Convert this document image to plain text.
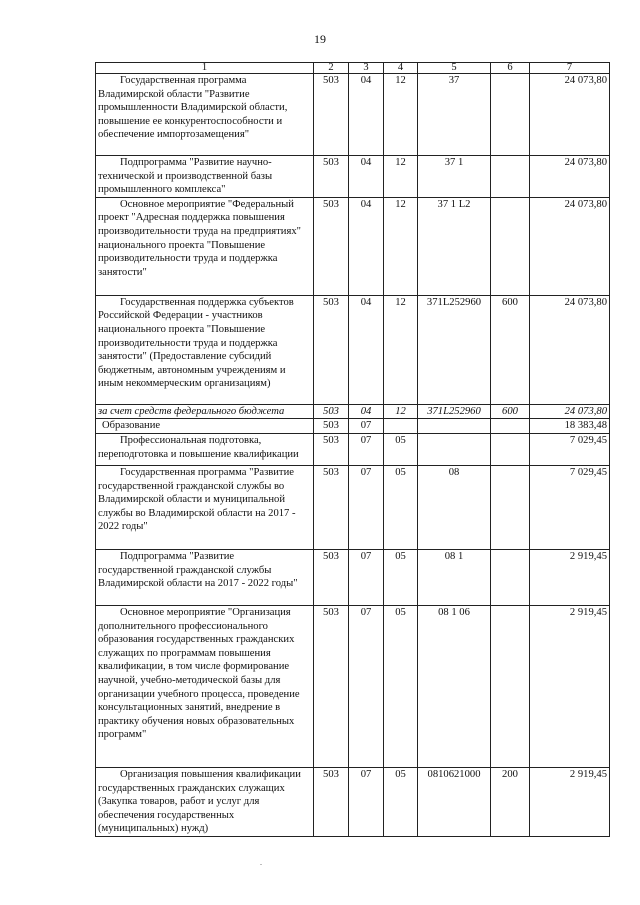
19
1	2	3	4	5	6	7
Государственная программа Владимирской области "Развитие промышленности Владимирской области, повышение ее конкурентоспособности и обеспечение импортозамещения"	503	04	12	37		24 073,80
Подпрограмма "Развитие научно-технической и производственной базы промышленного комплекса"	503	04	12	37 1		24 073,80
Основное мероприятие "Федеральный проект "Адресная поддержка повышения производительности труда на предприятиях" национального проекта "Повышение производительности труда и поддержка занятости"	503	04	12	37 1 L2		24 073,80
Государственная поддержка субъектов Российской Федерации - участников национального проекта "Повышение производительности труда и поддержка занятости" (Предоставление субсидий бюджетным, автономным учреждениям и иным некоммерческим организациям)	503	04	12	371L252960	600	24 073,80
за счет средств федерального бюджета	503	04	12	371L252960	600	24 073,80
Образование	503	07				18 383,48
Профессиональная подготовка, переподготовка и повышение квалификации	503	07	05			7 029,45
Государственная программа "Развитие государственной гражданской службы во Владимирской области и муниципальной службы во Владимирской области на 2017 - 2022 годы"	503	07	05	08		7 029,45
Подпрограмма "Развитие государственной гражданской службы Владимирской области на 2017 - 2022 годы"	503	07	05	08 1		2 919,45
Основное мероприятие "Организация дополнительного профессионального образования государственных гражданских служащих по программам повышения квалификации, в том числе формирование научной, учебно-методической базы для организации учебного процесса, проведение консультационных занятий, внедрение в практику обучения новых образовательных программ"	503	07	05	08 1 06		2 919,45
Организация повышения квалификации государственных гражданских служащих (Закупка товаров, работ и услуг для обеспечения государственных (муниципальных) нужд)	503	07	05	0810621000	200	2 919,45
.
